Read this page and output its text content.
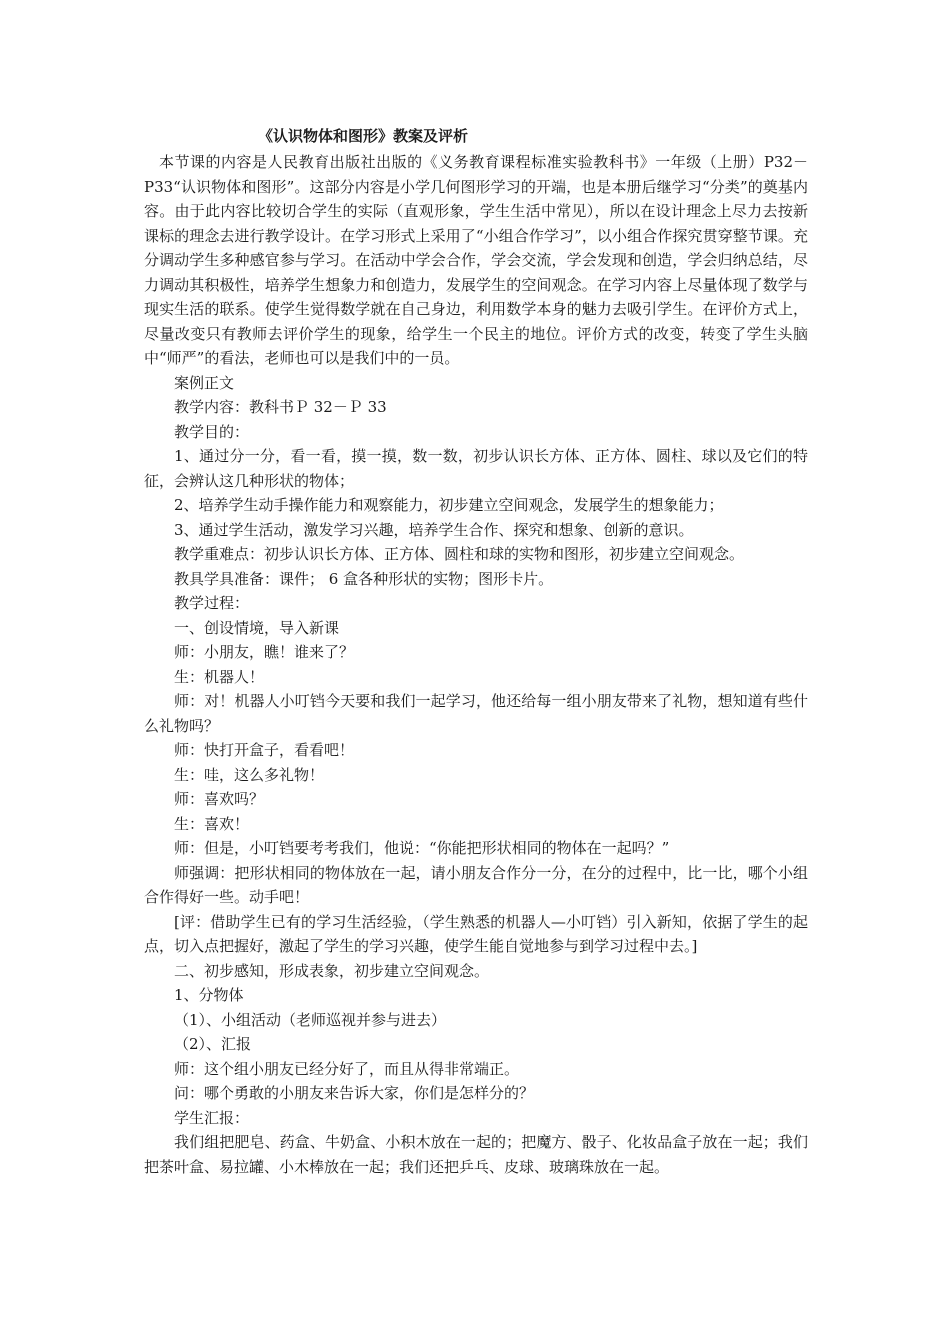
《认识物体和图形》教案及评析

本节课的内容是人民教育出版社出版的《义务教育课程标准实验教科书》一年级（上册）P32－P33“认识物体和图形”。这部分内容是小学几何图形学习的开端，也是本册后继学习“分类”的奠基内容。由于此内容比较切合学生的实际（直观形象，学生生活中常见），所以在设计理念上尽力去按新课标的理念去进行教学设计。在学习形式上采用了“小组合作学习”，以小组合作探究贯穿整节课。充分调动学生多种感官参与学习。在活动中学会合作，学会交流，学会发现和创造，学会归纳总结，尽力调动其积极性，培养学生想象力和创造力，发展学生的空间观念。在学习内容上尽量体现了数学与现实生活的联系。使学生觉得数学就在自己身边，利用数学本身的魅力去吸引学生。在评价方式上，尽量改变只有教师去评价学生的现象，给学生一个民主的地位。评价方式的改变，转变了学生头脑中“师严”的看法，老师也可以是我们中的一员。

案例正文

教学内容：教科书Ｐ 32－Ｐ 33

教学目的：

1、通过分一分，看一看，摸一摸，数一数，初步认识长方体、正方体、圆柱、球以及它们的特征，会辨认这几种形状的物体；

2、培养学生动手操作能力和观察能力，初步建立空间观念，发展学生的想象能力；

3、通过学生活动，激发学习兴趣，培养学生合作、探究和想象、创新的意识。

教学重难点：初步认识长方体、正方体、圆柱和球的实物和图形，初步建立空间观念。

教具学具准备：课件； 6 盒各种形状的实物；图形卡片。

教学过程：

一、创设情境，导入新课

师：小朋友，瞧！谁来了？

生：机器人！

师：对！机器人小叮铛今天要和我们一起学习，他还给每一组小朋友带来了礼物，想知道有些什么礼物吗？

师：快打开盒子，看看吧！

生：哇，这么多礼物！

师：喜欢吗？

生：喜欢！

师：但是，小叮铛要考考我们，他说：“你能把形状相同的物体在一起吗？”

师强调：把形状相同的物体放在一起，请小朋友合作分一分，在分的过程中，比一比，哪个小组合作得好一些。动手吧！

[评：借助学生已有的学习生活经验，（学生熟悉的机器人—小叮铛）引入新知，依据了学生的起点，切入点把握好，激起了学生的学习兴趣，使学生能自觉地参与到学习过程中去。]

二、初步感知，形成表象，初步建立空间观念。

1、分物体

（1）、小组活动（老师巡视并参与进去）

（2）、汇报

师：这个组小朋友已经分好了，而且从得非常端正。

问：哪个勇敢的小朋友来告诉大家，你们是怎样分的？

学生汇报：

我们组把肥皂、药盒、牛奶盒、小积木放在一起的；把魔方、骰子、化妆品盒子放在一起；我们把茶叶盒、易拉罐、小木棒放在一起；我们还把乒乓、皮球、玻璃珠放在一起。
